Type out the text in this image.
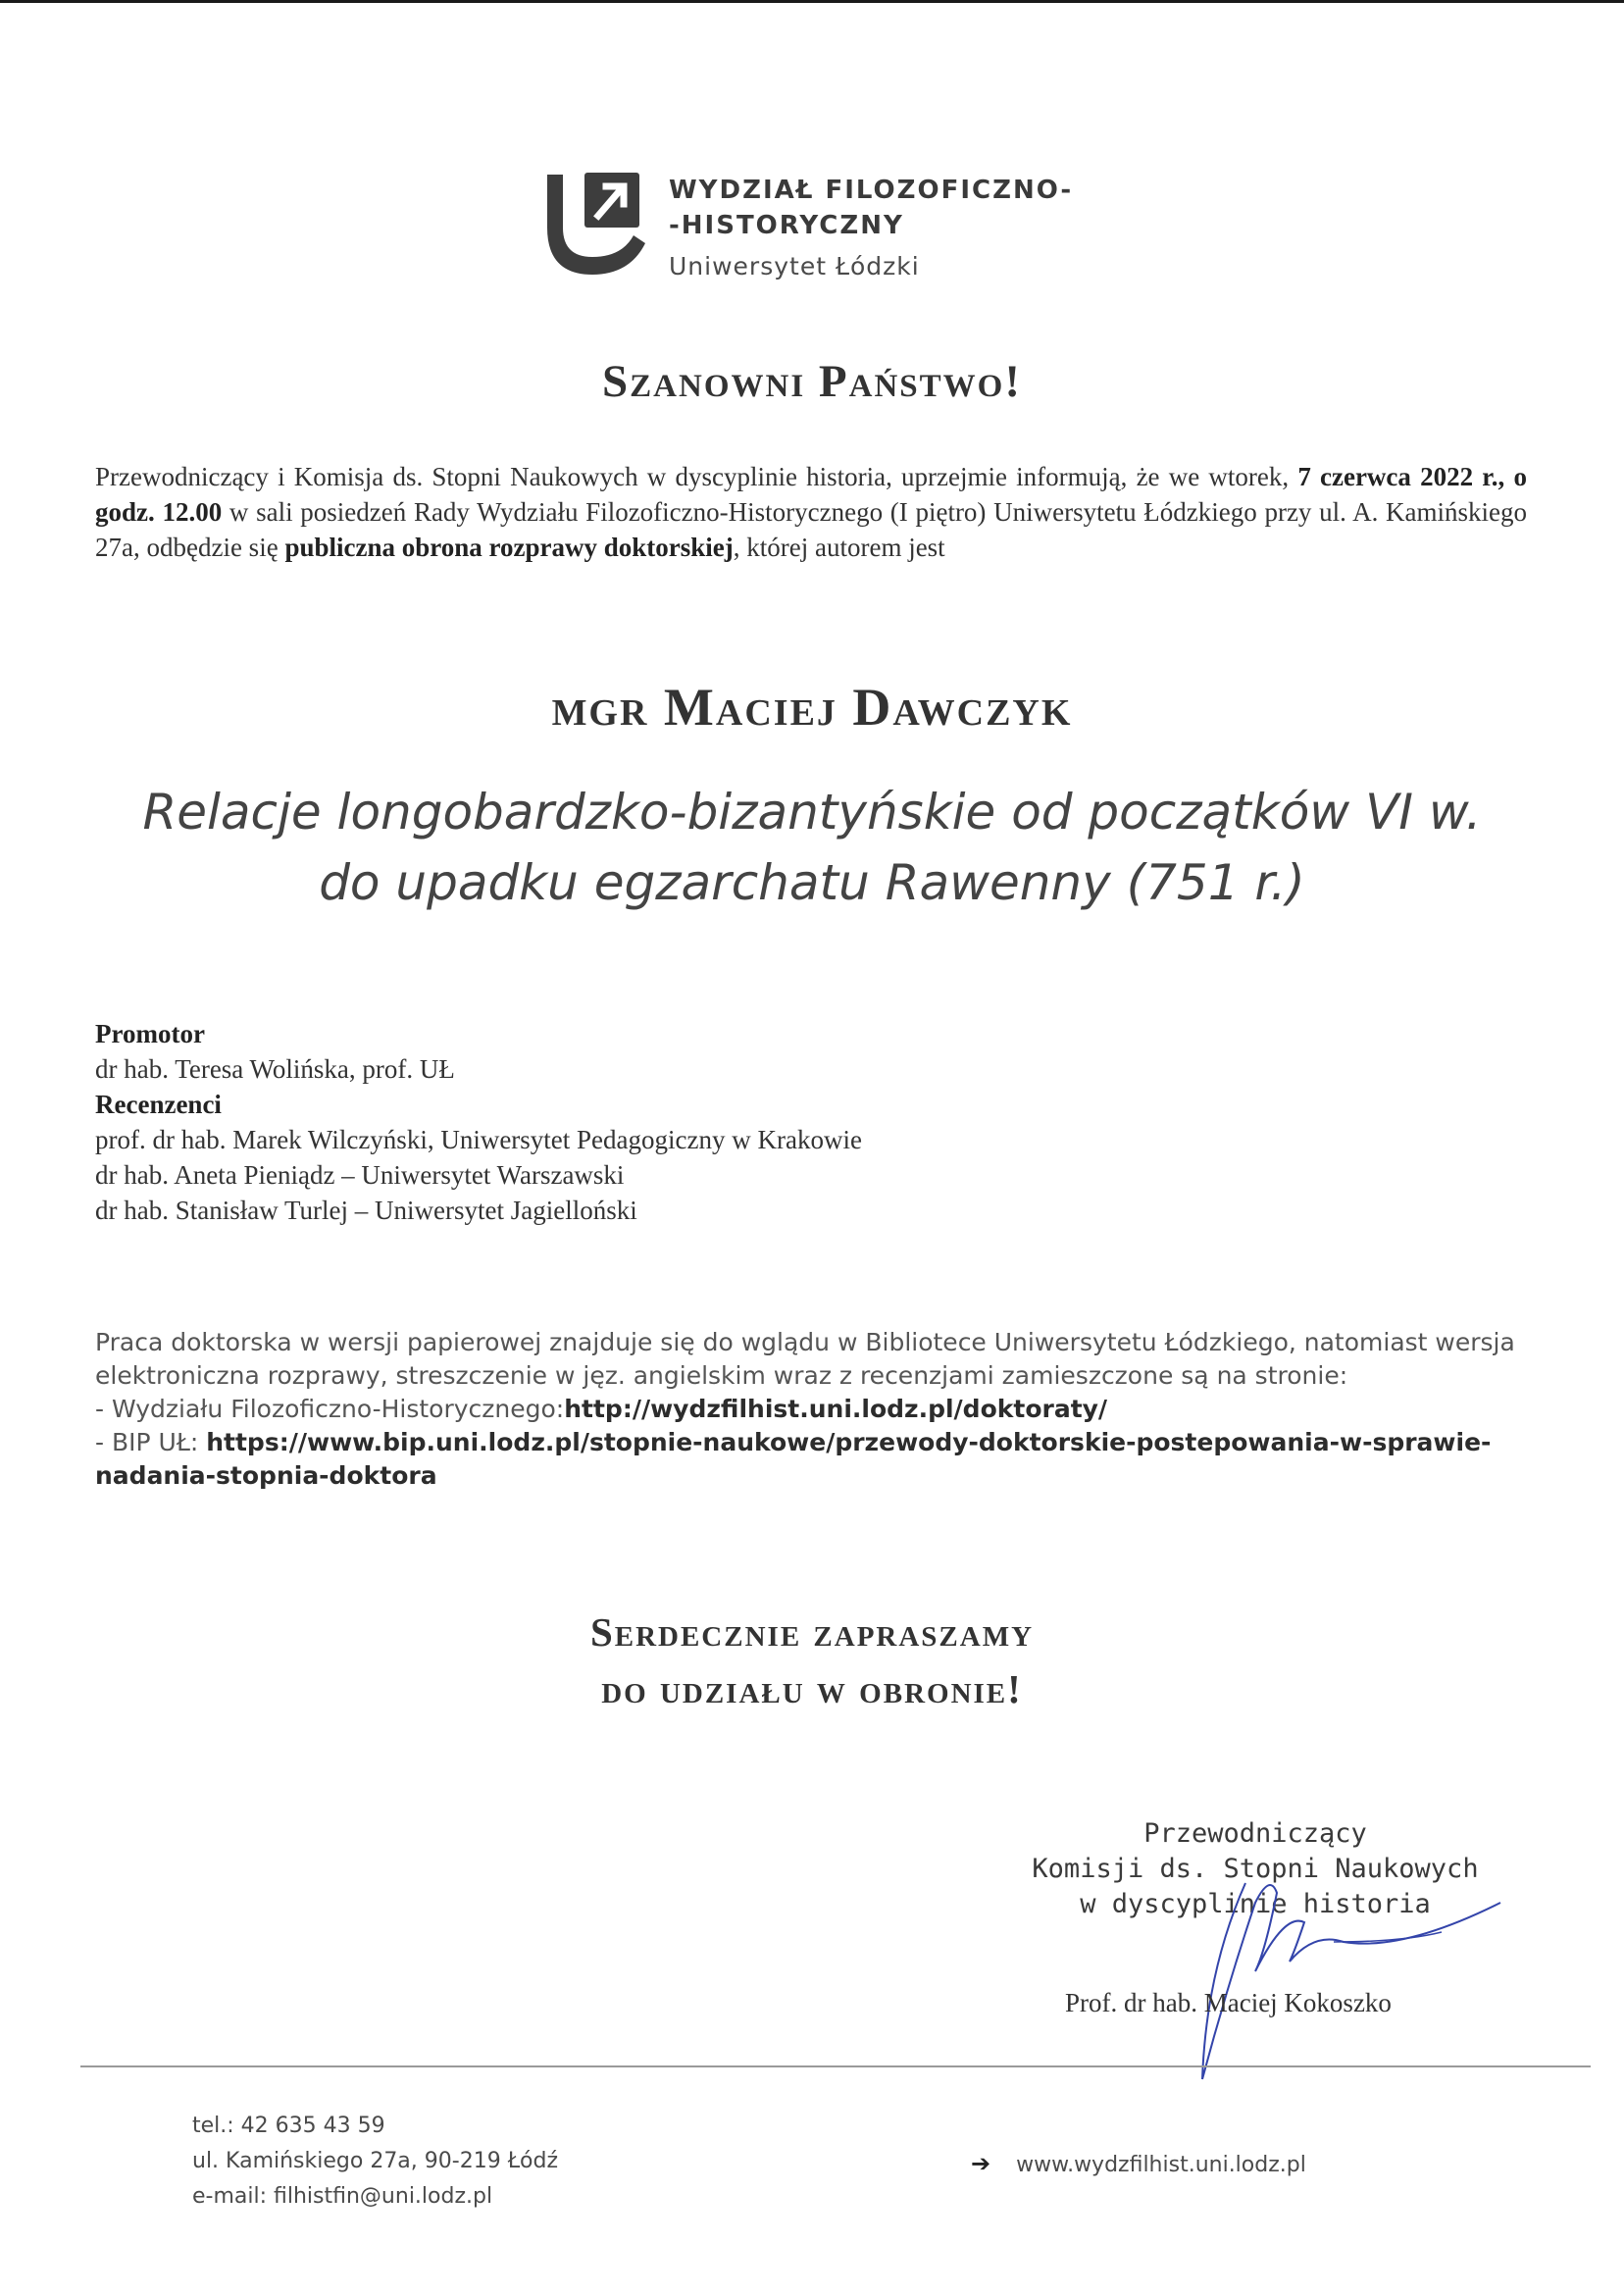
WYDZIAŁ FILOZOFICZNO-
-HISTORYCZNY
Uniwersytet Łódzki
Szanowni Państwo!
Przewodniczący i Komisja ds. Stopni Naukowych w dyscyplinie historia, uprzejmie informują, że we wtorek, 7 czerwca 2022 r., o godz. 12.00 w sali posiedzeń Rady Wydziału Filozoficzno-Historycznego (I piętro) Uniwersytetu Łódzkiego przy ul. A. Kamińskiego 27a, odbędzie się publiczna obrona rozprawy doktorskiej, której autorem jest
mgr Maciej Dawczyk
Relacje longobardzko-bizantyńskie od początków VI w.
do upadku egzarchatu Rawenny (751 r.)
Promotor
dr hab. Teresa Wolińska, prof. UŁ
Recenzenci
prof. dr hab. Marek Wilczyński, Uniwersytet Pedagogiczny w Krakowie
dr hab. Aneta Pieniądz – Uniwersytet Warszawski
dr hab. Stanisław Turlej – Uniwersytet Jagielloński
Praca doktorska w wersji papierowej znajduje się do wglądu w Bibliotece Uniwersytetu Łódzkiego, natomiast wersja elektroniczna rozprawy, streszczenie w jęz. angielskim wraz z recenzjami zamieszczone są na stronie:
- Wydziału Filozoficzno-Historycznego:http://wydzfilhist.uni.lodz.pl/doktoraty/
- BIP UŁ: https://www.bip.uni.lodz.pl/stopnie-naukowe/przewody-doktorskie-postepowania-w-sprawie-nadania-stopnia-doktora
Serdecznie zapraszamy
do udziału w obronie!
Przewodniczący
Komisji ds. Stopni Naukowych
w dyscyplinie historia
Prof. dr hab. Maciej Kokoszko
tel.: 42 635 43 59
ul. Kamińskiego 27a, 90-219 Łódź
e-mail: filhistfin@uni.lodz.pl
➔ www.wydzfilhist.uni.lodz.pl
